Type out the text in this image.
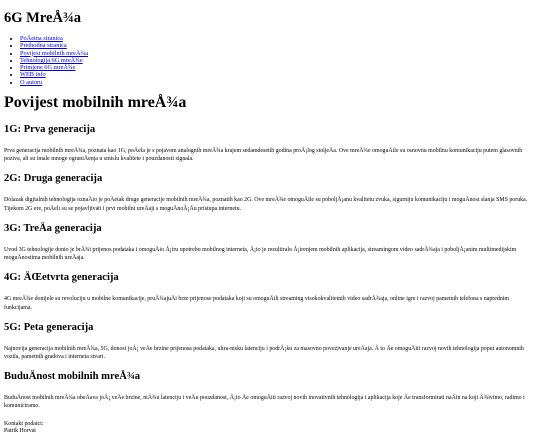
6G MreÅ¾a
• PoÄetna stranica
• Prethodna stranica
• Povijest mobilnih mreÅ¾a
• Tehnologija 6G mreÅ¾e
• Primjene 6G mreÅ¾e
• WEB info
• O autoru
Povijest mobilnih mreÅ¾a
1G: Prva generacija

Prva generacija mobilnih mreÅ¾a, poznata kao 1G, poÄela je s pojavom analognih mreÅ¾a krajem sedamdesetih godina proÅ¡log stoljeÄa. Ove mreÅ¾e omoguÄile su osnovnu mobilnu komunikaciju putem glasovnih poziva, ali su imale mnoge ograniÄenja u smislu kvalitete i pouzdanosti signala.

2G: Druga generacija

Dolazak digitalnih tehnologija oznaÄio je poÄetak druge generacije mobilnih mreÅ¾a, poznatih kao 2G. Ove mreÅ¾e omoguÄile su poboljÅ¡anu kvalitetu zvuka, sigurniju komunikaciju i moguÄnost slanja SMS poruka. Tijekom 2G ere, poÄeli su se pojavljivati i prvi mobilni ureÄaji s moguÄnoÅ¡Äu pristupa internetu.

3G: TreÄa generacija

Uvod 3G tehnologije donio je brÅ¾i prijenos podataka i omoguÄio Å¡iru upotrebu mobilnog interneta, Å¡to je rezultiralo Å¡irenjem mobilnih aplikacija, streamingom video sadrÅ¾aja i poboljÅ¡anim multimedijskim moguÄnostima mobilnih ureÄaja.

4G: ÄŒetvrta generacija

4G mreÅ¾e donijele su revoluciju u mobilne komunikacije, pruÅ¾ajuÄi brze prijenose podataka koji su omoguÄili streaming visokokvalitetnih video sadrÅ¾aja, online igre i razvoj pametnih telefona s naprednim funkcijama.

5G: Peta generacija

Najnovija generacija mobilnih mreÅ¾a, 5G, donosi joÅ¡ veÄe brzine prijenosa podataka, ultra-nisku latenciju i podrÅ¡ku za masovno povezivanje ureÄaja. Å to Äe omoguÄiti razvoj novih tehnologija poput autonomnih vozila, pametnih gradova i interneta stvari.

BuduÄnost mobilnih mreÅ¾a

BuduÄnost mobilnih mreÅ¾a obeÄava joÅ¡ veÄe brzine, niÅ¾u latenciju i veÄu pouzdanost, Å¡to Äe omoguÄiti razvoj novih inovativnih tehnologija i aplikacija koje Äe transformirati naÄin na koji Å¾ivimo, radimo i komuniciramo.

Kontakt podatci:
Patrik Horvat
